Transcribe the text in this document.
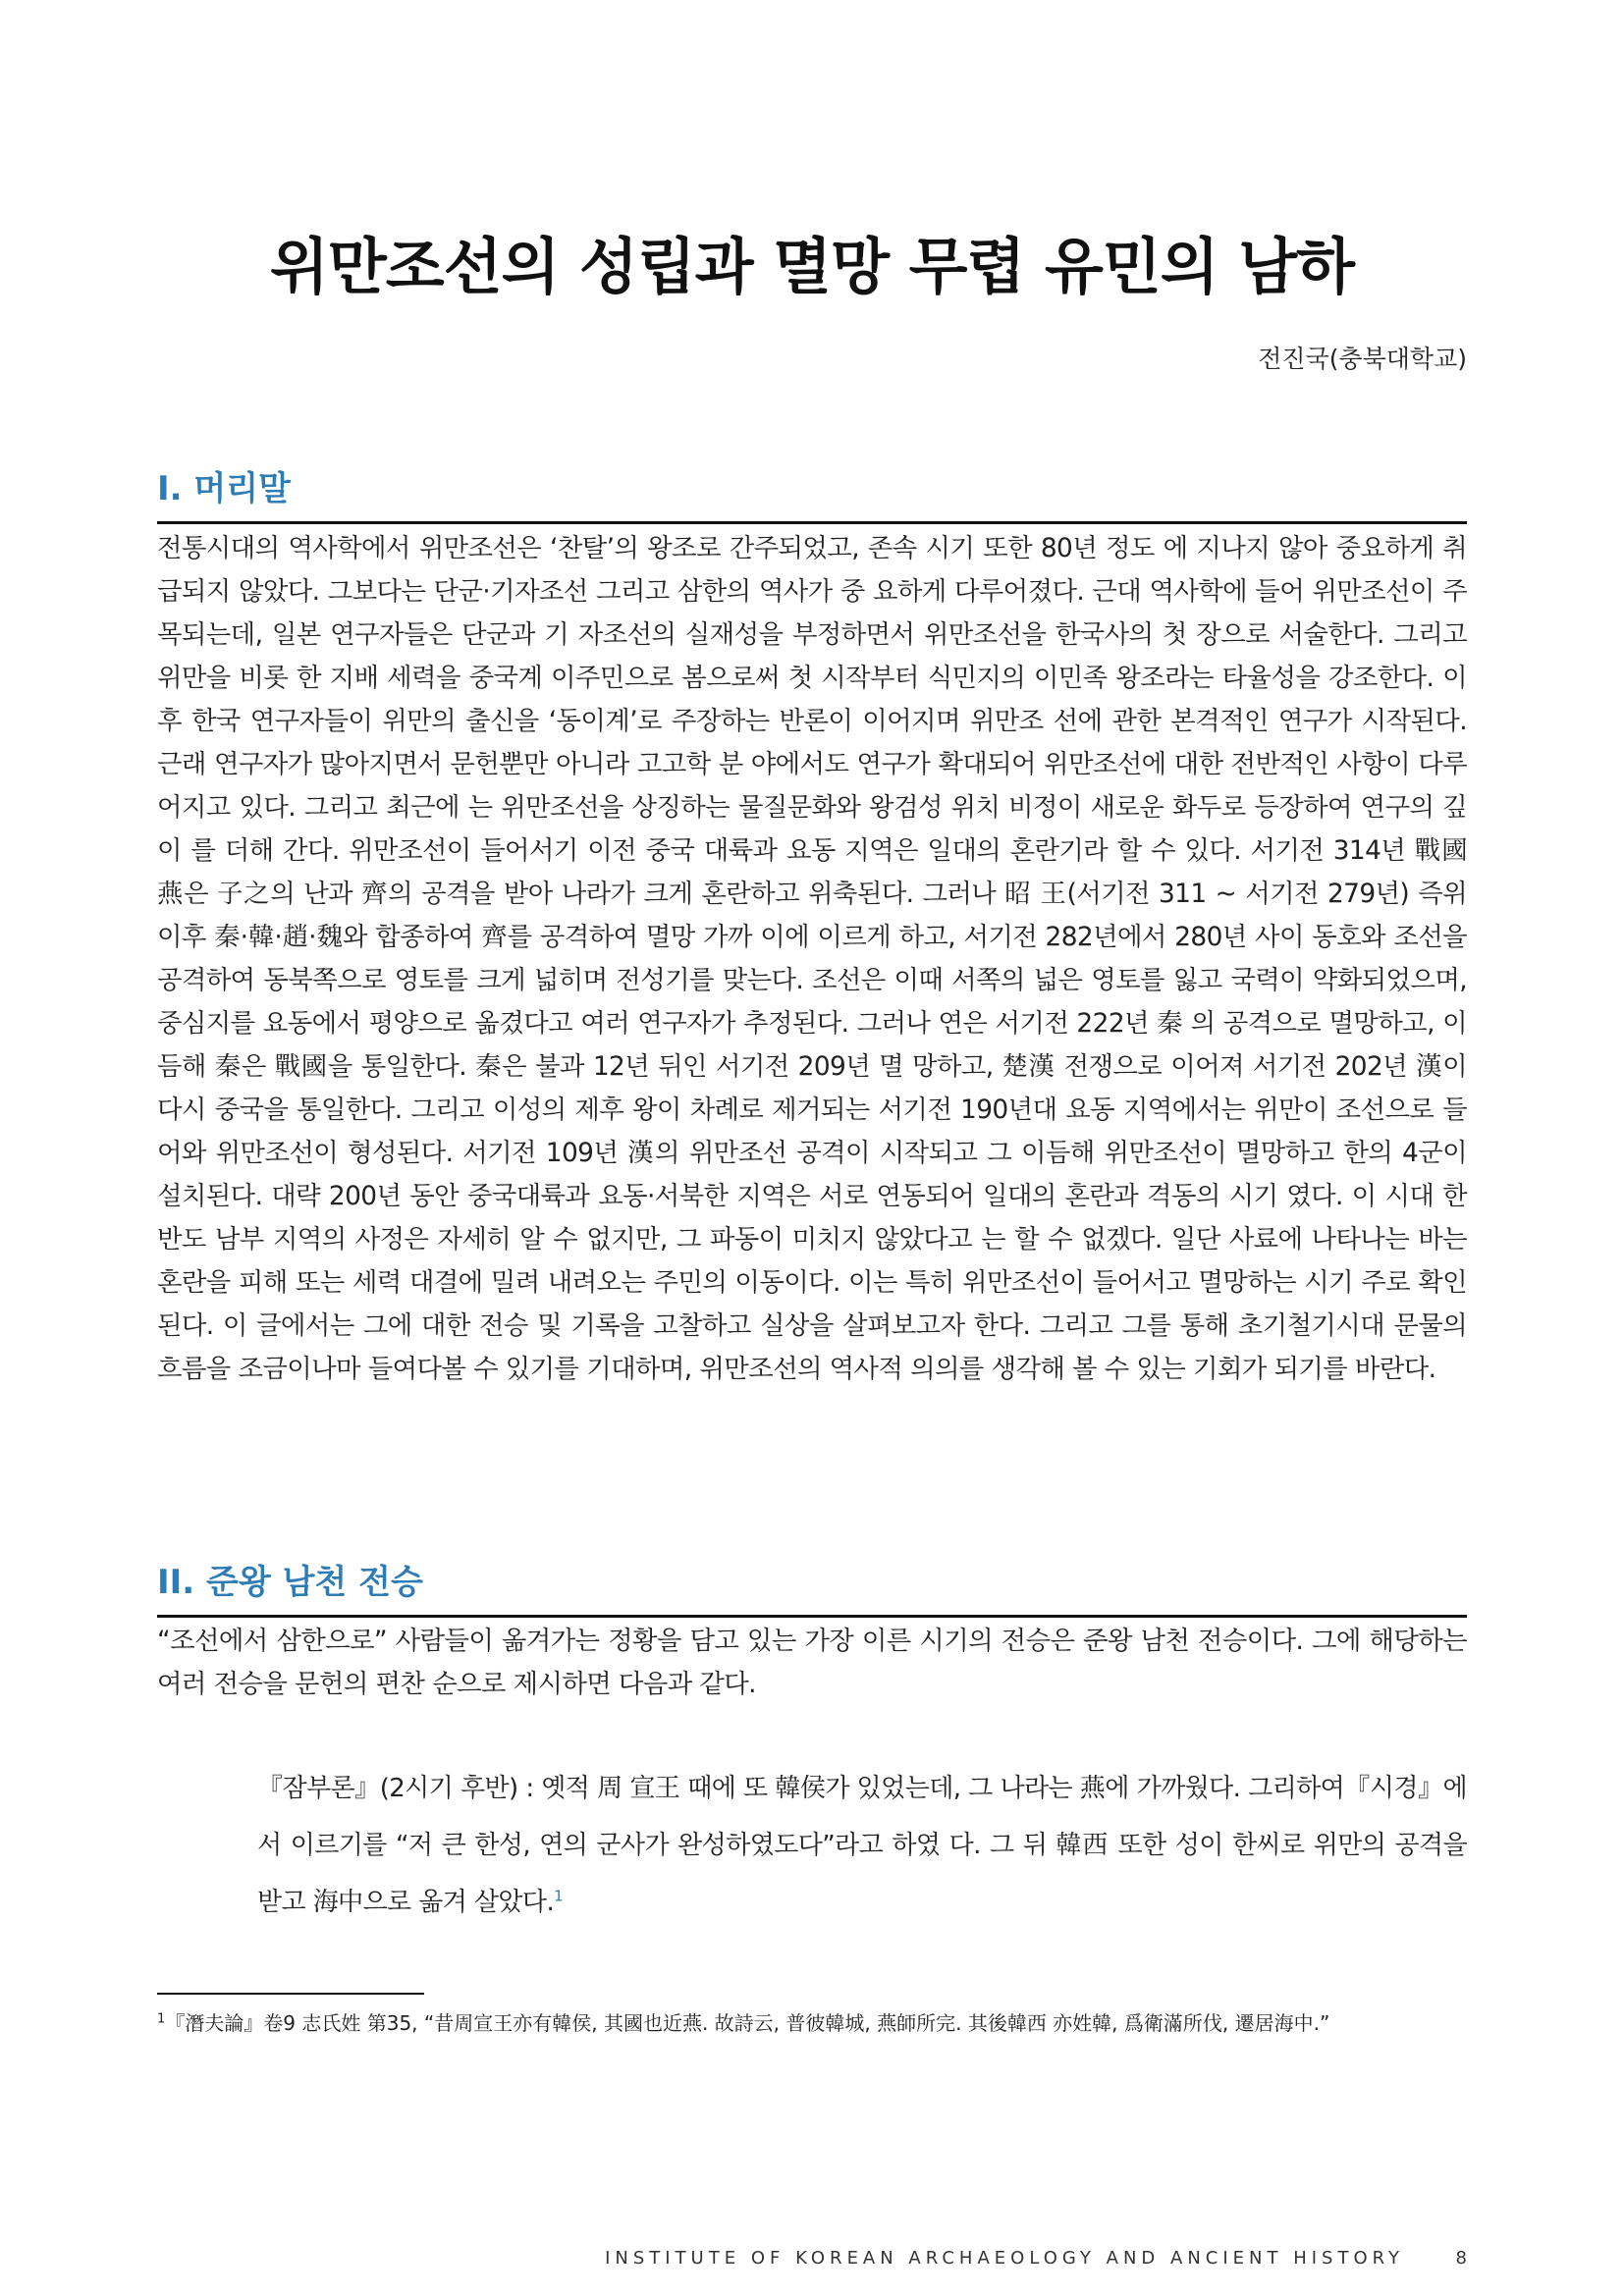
위만조선의 성립과 멸망 무렵 유민의 남하

전진국(충북대학교)

I. 머리말

전통시대의 역사학에서 위만조선은 ‘찬탈’의 왕조로 간주되었고, 존속 시기 또한 80년 정도 에 지나지 않아 중요하게 취급되지 않았다. 그보다는 단군·기자조선 그리고 삼한의 역사가 중 요하게 다루어졌다. 근대 역사학에 들어 위만조선이 주목되는데, 일본 연구자들은 단군과 기 자조선의 실재성을 부정하면서 위만조선을 한국사의 첫 장으로 서술한다. 그리고 위만을 비롯 한 지배 세력을 중국계 이주민으로 봄으로써 첫 시작부터 식민지의 이민족 왕조라는 타율성을 강조한다. 이후 한국 연구자들이 위만의 출신을 ‘동이계’로 주장하는 반론이 이어지며 위만조 선에 관한 본격적인 연구가 시작된다. 근래 연구자가 많아지면서 문헌뿐만 아니라 고고학 분 야에서도 연구가 확대되어 위만조선에 대한 전반적인 사항이 다루어지고 있다. 그리고 최근에 는 위만조선을 상징하는 물질문화와 왕검성 위치 비정이 새로운 화두로 등장하여 연구의 깊이 를 더해 간다. 위만조선이 들어서기 이전 중국 대륙과 요동 지역은 일대의 혼란기라 할 수 있다. 서기전 314년 戰國 燕은 子之의 난과 齊의 공격을 받아 나라가 크게 혼란하고 위축된다. 그러나 昭 王(서기전 311 ~ 서기전 279년) 즉위 이후 秦·韓·趙·魏와 합종하여 齊를 공격하여 멸망 가까 이에 이르게 하고, 서기전 282년에서 280년 사이 동호와 조선을 공격하여 동북쪽으로 영토를 크게 넓히며 전성기를 맞는다. 조선은 이때 서쪽의 넓은 영토를 잃고 국력이 약화되었으며, 중심지를 요동에서 평양으로 옮겼다고 여러 연구자가 추정된다. 그러나 연은 서기전 222년 秦 의 공격으로 멸망하고, 이듬해 秦은 戰國을 통일한다. 秦은 불과 12년 뒤인 서기전 209년 멸 망하고, 楚漢 전쟁으로 이어져 서기전 202년 漢이 다시 중국을 통일한다. 그리고 이성의 제후 왕이 차례로 제거되는 서기전 190년대 요동 지역에서는 위만이 조선으로 들어와 위만조선이 형성된다. 서기전 109년 漢의 위만조선 공격이 시작되고 그 이듬해 위만조선이 멸망하고 한의 4군이 설치된다. 대략 200년 동안 중국대륙과 요동·서북한 지역은 서로 연동되어 일대의 혼란과 격동의 시기 였다. 이 시대 한반도 남부 지역의 사정은 자세히 알 수 없지만, 그 파동이 미치지 않았다고 는 할 수 없겠다. 일단 사료에 나타나는 바는 혼란을 피해 또는 세력 대결에 밀려 내려오는 주민의 이동이다. 이는 특히 위만조선이 들어서고 멸망하는 시기 주로 확인된다. 이 글에서는 그에 대한 전승 및 기록을 고찰하고 실상을 살펴보고자 한다. 그리고 그를 통해 초기철기시대 문물의 흐름을 조금이나마 들여다볼 수 있기를 기대하며, 위만조선의 역사적 의의를 생각해 볼 수 있는 기회가 되기를 바란다.

II. 준왕 남천 전승

“조선에서 삼한으로” 사람들이 옮겨가는 정황을 담고 있는 가장 이른 시기의 전승은 준왕 남천 전승이다. 그에 해당하는 여러 전승을 문헌의 편찬 순으로 제시하면 다음과 같다.

『잠부론』(2시기 후반) : 옛적 周 宣王 때에 또 韓侯가 있었는데, 그 나라는 燕에 가까웠다. 그리하여『시경』에서 이르기를 “저 큰 한성, 연의 군사가 완성하였도다”라고 하였 다. 그 뒤 韓西 또한 성이 한씨로 위만의 공격을 받고 海中으로 옮겨 살았다.$^1$

$^1$『潛夫論』卷9 志氏姓 第35, “昔周宣王亦有韓侯, 其國也近燕. 故詩云, 普彼韓城, 燕師所完. 其後韓西 亦姓韓, 爲衛滿所伐, 遷居海中.”

INSTITUTE OF KOREAN ARCHAEOLOGY AND ANCIENT HISTORY	8
